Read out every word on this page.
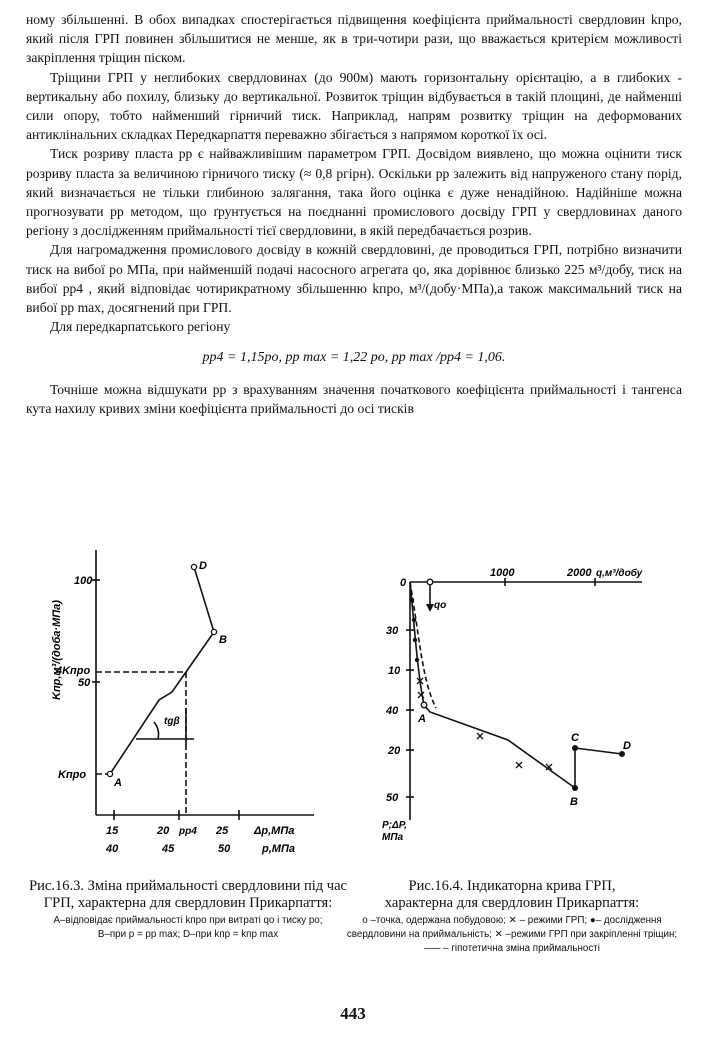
ному збільшенні. В обох випадках спостерігається підвищення коефіцієнта приймальності свердловин kпро, який після ГРП повинен збільшитися не менше, як в три-чотири рази, що вважається критерієм можливості закріплення тріщин піском.

Тріщини ГРП у неглибоких свердловинах (до 900м) мають горизонтальну орієнтацію, а в глибоких - вертикальну або похилу, близьку до вертикальної. Розвиток тріщин відбувається в такій площині, де найменші сили опору, тобто найменший гірничий тиск. Наприклад, напрям розвитку тріщин на деформованих антиклінальних складках Передкарпаття переважно збігається з напрямом короткої їх осі.

Тиск розриву пласта pр є найважливішим параметром ГРП. Досвідом виявлено, що можна оцінити тиск розриву пласта за величиною гірничого тиску (≈ 0,8 pгірн). Оскільки pр залежить від напруженого стану порід, який визначається не тільки глибиною залягання, така його оцінка є дуже ненадійною. Надійніше можна прогнозувати pр методом, що ґрунтується на поєднанні промислового досвіду ГРП у свердловинах даного регіону з дослідженням приймальності тієї свердловини, в якій передбачається розрив.

Для нагромадження промислового досвіду в кожній свердловині, де проводиться ГРП, потрібно визначити тиск на вибої pо МПа, при найменшій подачі насосного агрегата qо, яка дорівнює близько 225 м³/добу, тиск на вибої pр4 , який відповідає чотирикратному збільшенню kпро, м³/(добу·МПа),а також максимальний тиск на вибої pр max, досягнений при ГРП.

Для передкарпатського регіону

pр4 = 1,15pо, pр max = 1,22 pо, pр max /pр4 = 1,06.

Точніше можна відшукати pр з врахуванням значення початкового коефіцієнта приймальності і тангенса кута нахилу кривих зміни коефіцієнта приймальності до осі тисків

Kпр,м³/(доба·МПа)
100
50
4Kпро
Kпро
A
B
D
tgβ
15	20 pр4 25 Δp,МПа
40	45	50	p,МПа
0
1000	2000 q,м³/добу
qо
30
10
40
20
50
P;ΔP,
МПа
A
B
C
D
Рис.16.3. Зміна приймальності свердловини під час ГРП, характерна для свердловин Прикарпаття:
А–відповідає приймальності kпро при витраті qо і тиску pо;
B–при p = pр max; D–при kпр = kпр max
Рис.16.4. Індикаторна крива ГРП, характерна для свердловин Прикарпаття:
о –точка, одержана побудовою; ✕ – режими ГРП; ●– дослідження свердловини на приймальність; ✕ –режими ГРП при закріпленні тріщин; ––– – гіпотетична зміна приймальності
443
